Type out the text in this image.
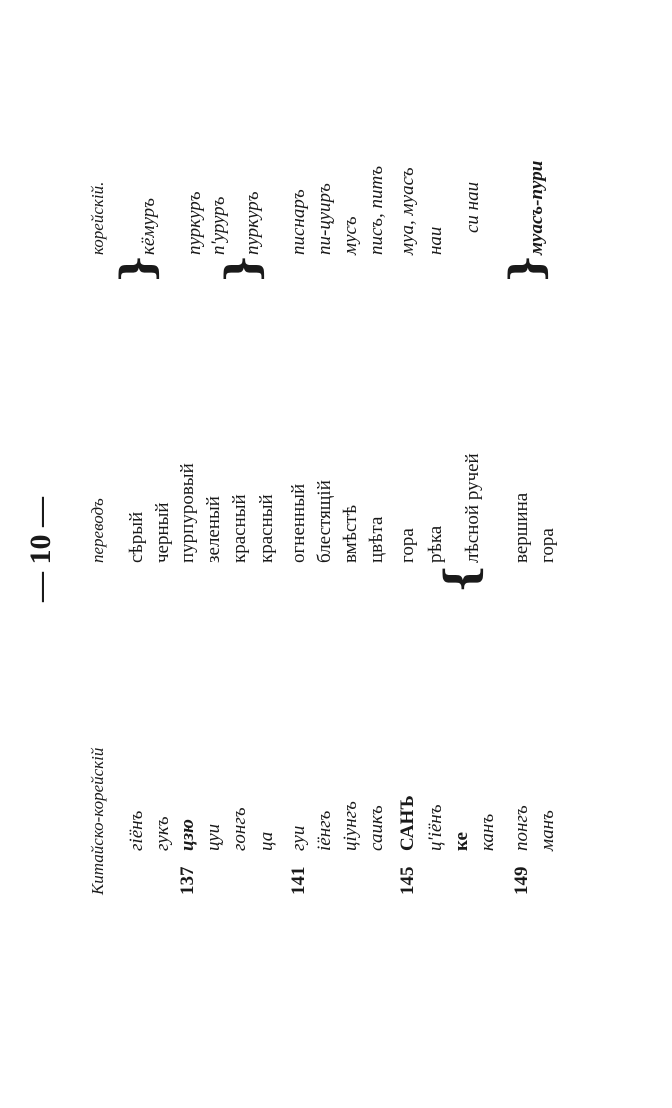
— 10 —
Китайско-корейскій гіёнъ гукъ
137
цзю цуи гонгъ ца
141
гуи іёнгъ цiунгъ саикъ
145
САНЪ ц'іёнъ ке канъ
149
понгъ манъ
переводъ сѣрый черный пурпуровый зеленый красный красный огненный блестящій вмѣстѣ цвѣта гора рѣка
{
лѣсной ручей вершина гора
корейскій.
}
кёмуръ пуркуръ п'уруръ
}
пуркуръ писнаръ пи-цуиръ мусъ писъ, питъ муа, муасъ наи
си наи
}
муасъ-пури
